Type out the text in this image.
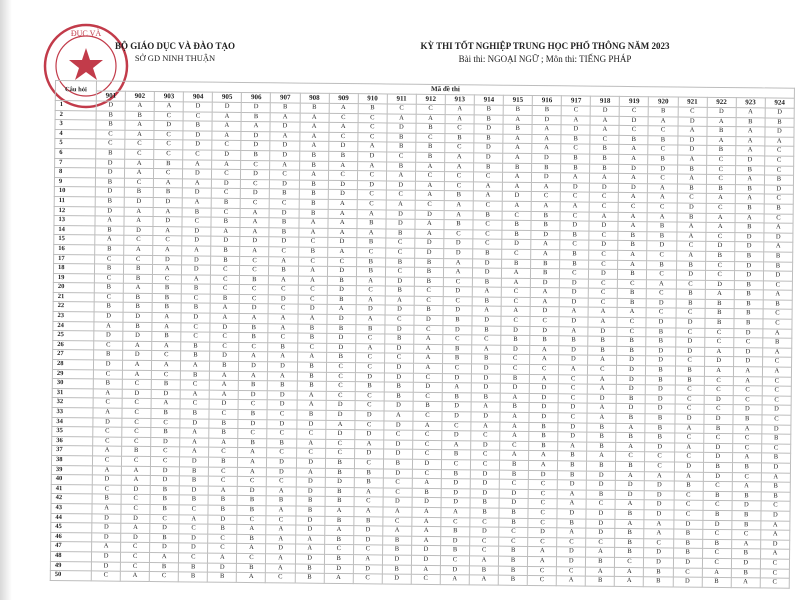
ĐỤC VÀ
BỘ GIÁO DỤC VÀ ĐÀO TẠO
SỞ GD NINH THUẬN
KỲ THI TỐT NGHIỆP TRUNG HỌC PHỔ THÔNG NĂM 2023
Bài thi: NGOẠI NGỮ ; Môn thi: TIẾNG PHÁP
Câu hỏi	Mã đề thi																							
	901	902	903	904	905	906	907	908	909	910	911	912	913	914	915	916	917	918	919	920	921	922	923	924
1	D	A	A	D	D	D	B	B	A	B	C	C	A	B	B	B	C	D	C	B	C	D	A	D
2	B	B	C	C	A	B	A	A	C	C	A	A	A	B	A	D	A	A	D	A	D	A	B	B
3	B	A	D	B	A	A	D	A	A	C	D	B	C	D	B	A	D	A	C	C	A	B	A	D
4	C	A	C	D	A	D	A	A	C	C	B	C	B	B	A	A	B	C	B	B	D	A	A	A
5	C	C	C	D	C	D	D	A	D	A	B	B	C	D	A	A	C	B	A	C	D	B	A	C
6	B	C	C	C	D	B	D	B	B	D	C	B	A	D	A	D	B	B	A	B	A	C	D	C
7	D	A	B	A	A	C	A	B	A	A	B	A	A	B	B	B	B	B	D	D	B	C	B	C
8	D	A	C	D	C	D	C	A	C	C	A	C	C	C	A	D	A	A	A	C	A	C	A	B
9	B	C	A	A	D	C	D	B	D	D	D	A	C	A	A	A	D	D	D	A	B	B	B	D
10	D	B	B	D	C	D	B	B	D	C	C	A	B	A	D	C	C	C	A	A	C	A	A	C
11	B	D	D	A	B	C	C	B	A	C	A	C	A	C	A	A	A	C	C	C	D	C	B	B
12	D	A	A	B	C	A	D	B	A	A	D	D	A	B	C	B	C	A	A	A	B	A	A	C
13	A	A	D	C	B	A	B	A	A	B	D	A	B	C	B	B	D	D	A	B	A	A	B	A
14	B	D	A	D	A	A	B	A	A	A	B	A	C	C	B	D	B	C	B	B	A	C	D	D
15	A	C	C	D	D	D	D	C	D	B	C	D	D	C	D	A	C	D	B	D	C	D	D	A
16	B	A	A	A	B	A	C	B	A	C	C	D	D	B	C	A	B	C	A	C	A	B	B	B
17	C	C	D	D	B	C	A	C	C	B	B	B	A	D	B	B	B	C	A	B	B	C	D	B
18	B	B	A	D	C	C	B	A	D	B	C	B	A	D	A	B	C	D	B	C	D	C	D	D
19	C	B	C	A	C	B	A	A	B	A	D	B	C	B	A	D	D	C	C	A	C	D	B	C
20	B	A	B	B	C	C	C	C	D	C	B	C	D	A	C	A	D	C	B	C	B	A	B	A
21	C	B	B	C	B	C	D	C	B	A	A	C	C	B	C	A	D	C	B	D	B	B	B	B
22	B	B	B	B	A	D	C	D	A	D	D	B	D	A	A	D	A	A	A	C	C	B	B	C
23	D	D	A	D	A	A	A	A	D	A	C	D	B	D	C	C	D	A	C	D	D	B	B	C
24	A	B	A	C	D	B	A	B	B	B	D	C	D	B	D	D	A	D	C	B	C	C	D	A
25	D	D	B	C	C	B	C	B	D	C	B	A	C	C	B	B	B	B	B	B	D	C	C	B
26	C	A	A	B	C	C	B	C	D	A	D	A	B	A	D	A	D	B	B	D	D	A	D	A
27	B	D	C	B	D	A	A	A	B	C	C	A	B	B	C	A	D	A	D	D	C	D	D	C
28	D	A	A	A	B	D	D	B	C	C	D	A	C	D	C	C	A	C	D	B	B	A	A	A
29	C	A	C	B	A	A	A	B	C	D	D	C	D	D	B	A	C	A	D	B	B	C	A	C
30	B	C	B	C	A	B	B	B	C	B	B	D	A	D	D	D	C	A	D	D	C	C	C	C
31	A	D	D	A	A	D	D	A	C	C	B	C	B	B	A	D	C	D	B	D	C	D	C	C
32	C	C	A	C	D	C	D	A	D	C	D	B	D	A	B	D	D	A	D	D	C	C	D	D
33	A	C	B	B	C	B	C	B	D	D	A	C	D	D	A	D	C	A	B	B	D	D	B	C
34	D	C	C	D	B	D	D	D	A	C	D	A	C	A	A	B	D	B	A	B	A	B	A	D
35	C	C	B	A	B	C	C	C	D	D	C	C	D	C	A	B	D	B	B	B	C	C	C	B
36	C	C	D	A	A	B	B	A	C	A	D	C	A	D	C	B	A	B	A	D	A	D	C	C
37	A	B	C	A	C	A	C	C	C	D	D	C	B	C	A	A	B	A	C	C	C	D	A	B
38	C	C	C	D	B	A	D	D	B	C	B	D	C	C	B	A	B	B	B	C	D	B	B	D
39	A	A	D	B	C	A	D	A	B	B	D	C	B	D	B	D	B	D	A	A	A	D	C	A
40	D	A	D	B	C	C	C	D	D	B	C	A	D	D	C	C	D	D	D	D	B	C	A	B
41	C	D	B	D	A	D	A	D	B	A	C	B	D	D	D	C	A	B	D	D	C	B	B	B
42	B	C	B	B	B	B	B	B	B	C	D	D	D	B	D	C	A	C	A	D	C	C	D	C
43	A	C	B	C	B	B	A	B	A	A	A	A	A	B	B	C	D	D	B	D	C	B	B	D
44	D	D	C	A	D	C	C	D	B	B	C	A	C	C	B	C	B	D	A	A	D	D	B	A
45	D	A	D	C	B	A	A	D	A	D	A	A	B	D	C	D	A	D	B	A	B	C	C	A
46	D	D	B	D	C	B	A	A	B	D	B	A	D	C	C	C	C	C	B	C	B	B	A	D
47	A	C	D	D	C	A	D	A	C	C	B	D	B	C	B	A	D	A	B	D	B	C	B	A
48	D	C	A	C	A	C	A	D	B	A	D	D	C	A	B	A	D	B	C	D	D	C	D	C
49	D	C	B	B	D	B	A	B	D	D	B	A	D	B	B	C	C	A	A	B	C	A	B	C
50	C	A	C	B	B	A	C	B	A	C	D	C	A	A	B	C	A	B	A	B	D	B	A	C
